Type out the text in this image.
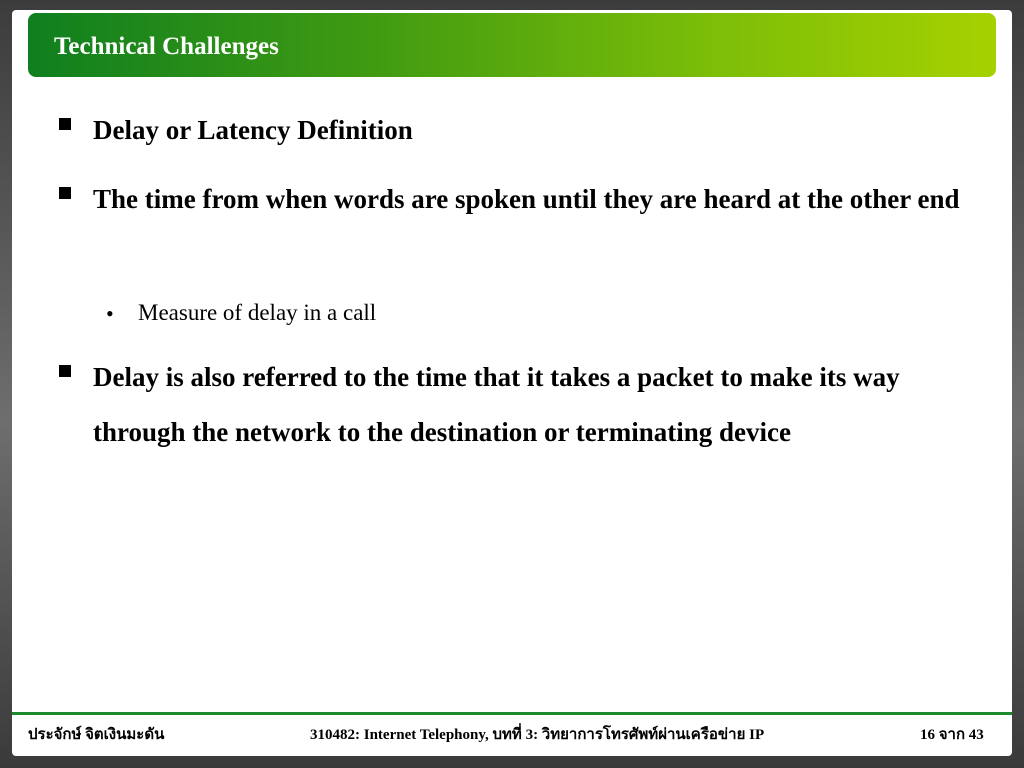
Technical Challenges
Delay or Latency Definition
The time from when words are spoken until they are heard at the other end
• Measure of delay in a call
Delay is also referred to the time that it takes a packet to make its way through the network to the destination or terminating device
ประจักษ์ จิตเงินมะดัน	310482: Internet Telephony, บทที่ 3: วิทยาการโทรศัพท์ผ่านเครือข่าย IP	16 จาก 43
